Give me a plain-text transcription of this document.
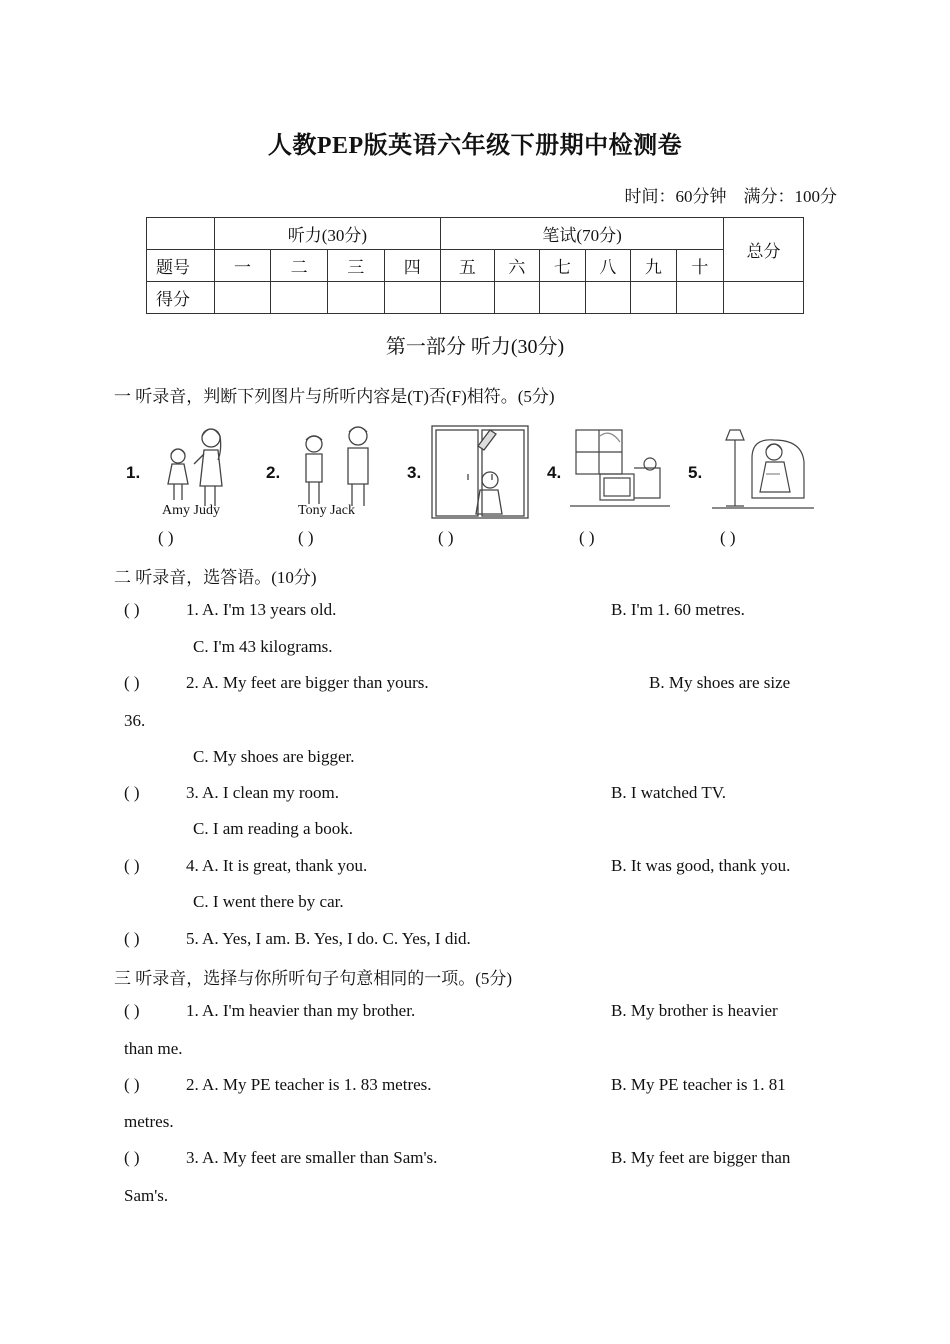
人教PEP版英语六年级下册期中检测卷
时间：60分钟　满分：100分
	听力(30分)				笔试(70分)						总分
题号	一	二	三	四	五	六	七	八	九	十	
得分											
第一部分 听力(30分)
一 听录音，判断下列图片与所听内容是(T)否(F)相符。(5分)
1.
Amy Judy
( )
2.
Tony Jack
( )
3.
( )
4.
( )
5.
( )
二 听录音，选答语。(10分)
( )	1. A. I'm 13 years old.	B. I'm 1. 60 metres.
C. I'm 43 kilograms.
( )	2. A. My feet are bigger than yours.	B. My shoes are size
36.
C. My shoes are bigger.
( )	3. A. I clean my room.	B. I watched TV.
C. I am reading a book.
( )	4. A. It is great, thank you.	B. It was good, thank you.
C. I went there by car.
( )	5. A. Yes, I am. B. Yes, I do. C. Yes, I did.
三 听录音，选择与你所听句子句意相同的一项。(5分)
( )	1. A. I'm heavier than my brother.	B. My brother is heavier
than me.
( )	2. A. My PE teacher is 1. 83 metres.	B. My PE teacher is 1. 81
metres.
( )	3. A. My feet are smaller than Sam's.	B. My feet are bigger than
Sam's.
